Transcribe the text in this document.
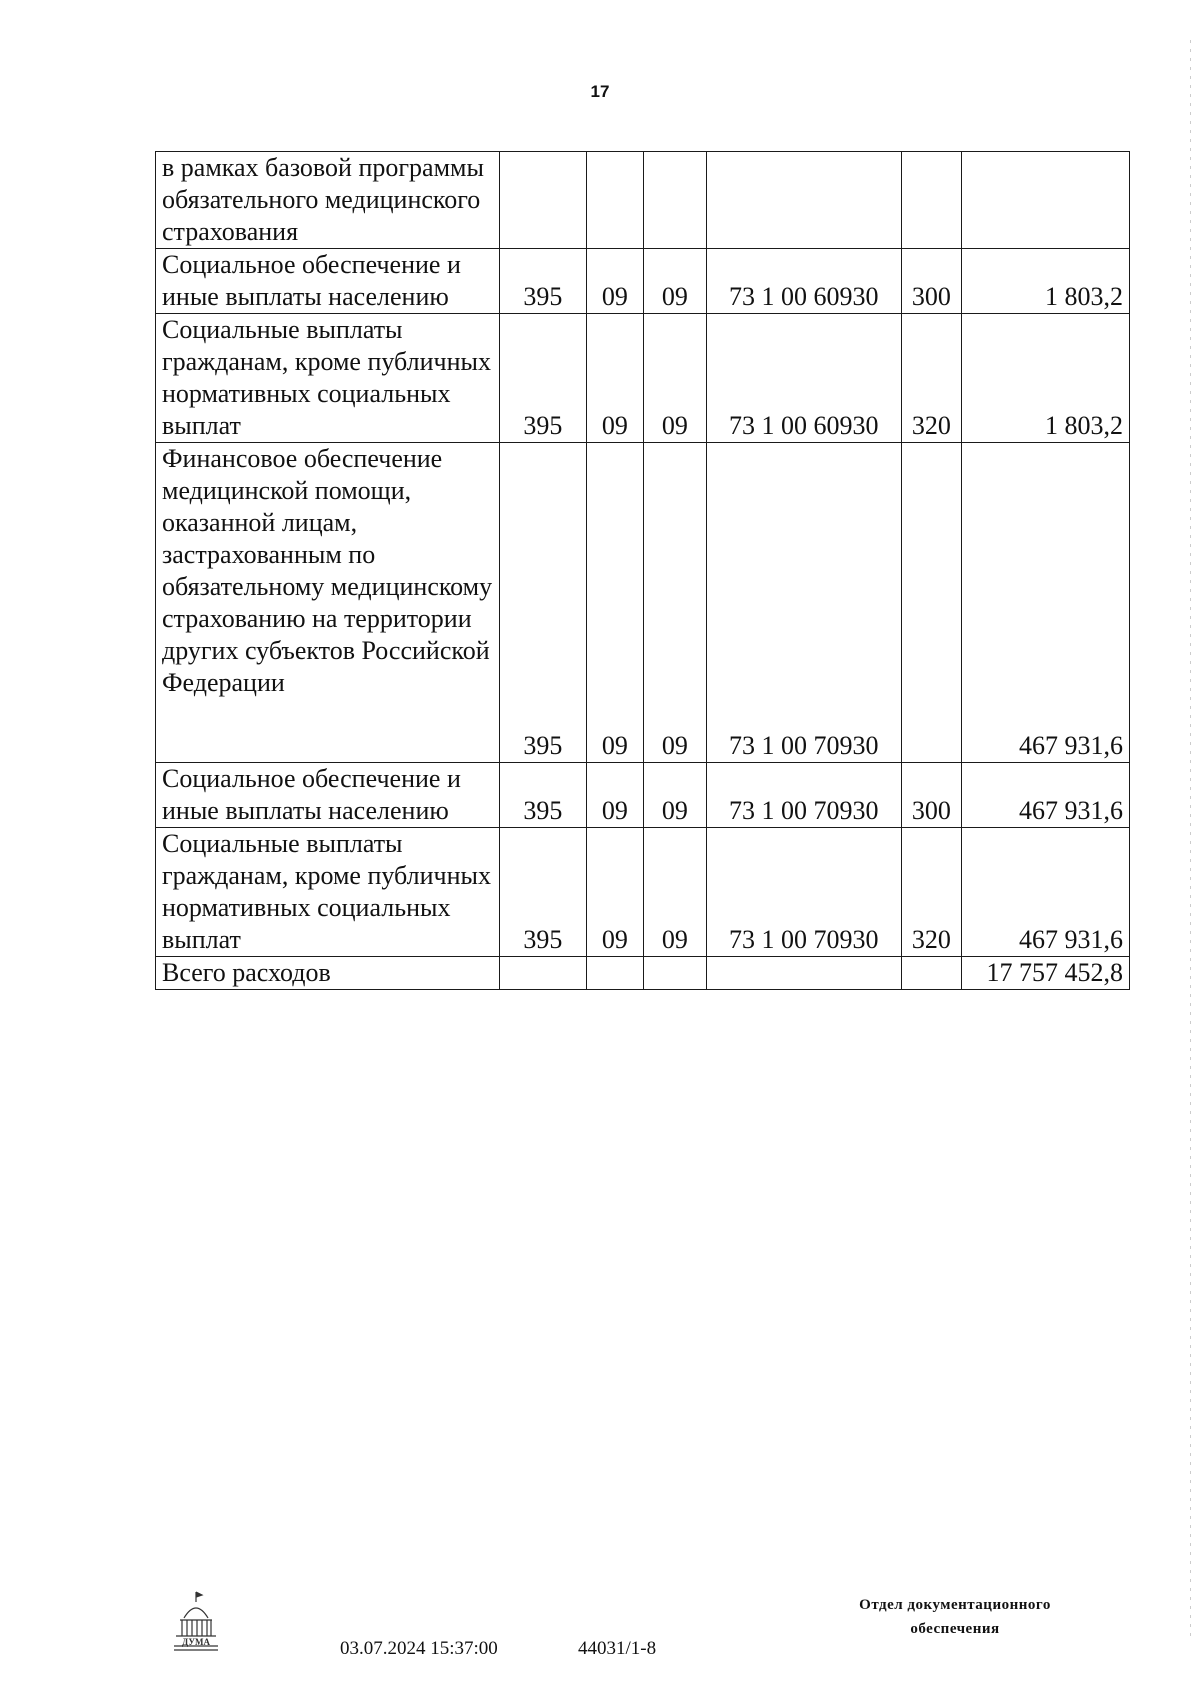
17
в рамках базовой программы обязательного медицинского страхования						
Социальное обеспечение и иные выплаты населению	395	09	09	73 1 00 60930	300	1 803,2
Социальные выплаты гражданам, кроме публичных нормативных социальных выплат	395	09	09	73 1 00 60930	320	1 803,2
Финансовое обеспечение медицинской помощи, оказанной лицам, застрахованным по обязательному медицинскому страхованию на территории других субъектов Российской Федерации	395	09	09	73 1 00 70930		467 931,6
Социальное обеспечение и иные выплаты населению	395	09	09	73 1 00 70930	300	467 931,6
Социальные выплаты гражданам, кроме публичных нормативных социальных выплат	395	09	09	73 1 00 70930	320	467 931,6
Всего расходов						17 757 452,8
ДУМА	03.07.2024 15:37:00	44031/1-8
Отдел документационного
обеспечения
